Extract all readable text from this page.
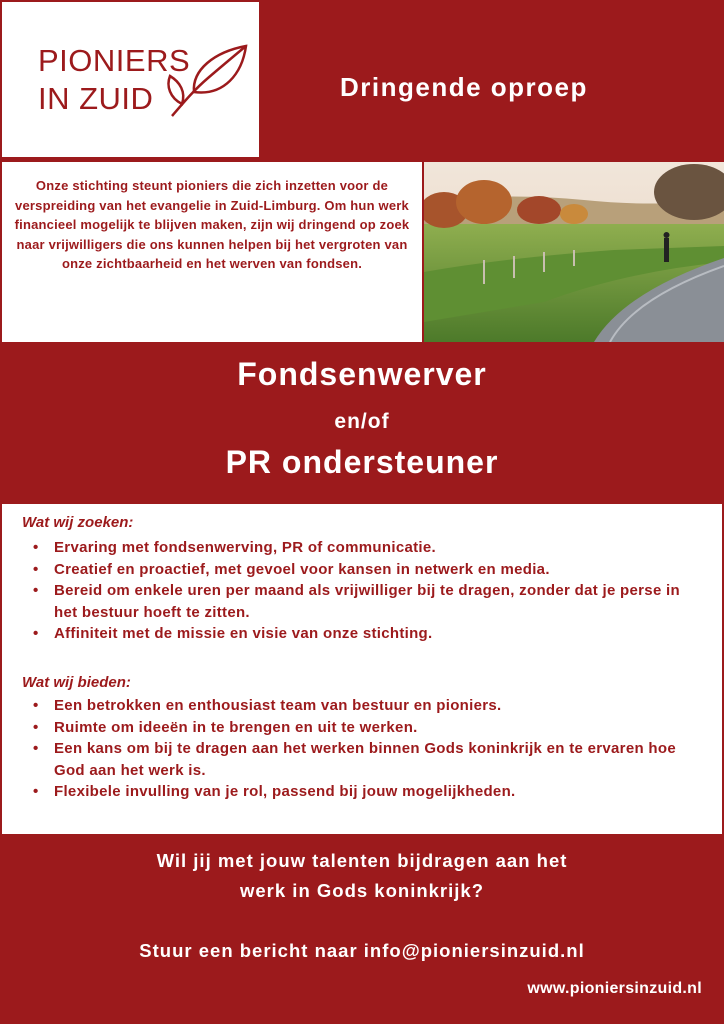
PIONIERS
IN ZUID	Dringende oproep
Onze stichting steunt pioniers die zich inzetten voor de verspreiding van het evangelie in Zuid-Limburg. Om hun werk financieel mogelijk te blijven maken, zijn wij dringend op zoek naar vrijwilligers die ons kunnen helpen bij het vergroten van onze zichtbaarheid en het werven van fondsen.
Fondsenwerver
en/of
PR ondersteuner
Wat wij zoeken:
• Ervaring met fondsenwerving, PR of communicatie.
• Creatief en proactief, met gevoel voor kansen in netwerk en media.
• Bereid om enkele uren per maand als vrijwilliger bij te dragen, zonder dat je perse in het bestuur hoeft te zitten.
• Affiniteit met de missie en visie van onze stichting.
Wat wij bieden:
• Een betrokken en enthousiast team van bestuur en pioniers.
• Ruimte om ideeën in te brengen en uit te werken.
• Een kans om bij te dragen aan het werken binnen Gods koninkrijk en te ervaren hoe God aan het werk is.
• Flexibele invulling van je rol, passend bij jouw mogelijkheden.
Wil jij met jouw talenten bijdragen aan het
werk in Gods koninkrijk?
Stuur een bericht naar info@pioniersinzuid.nl
www.pioniersinzuid.nl
